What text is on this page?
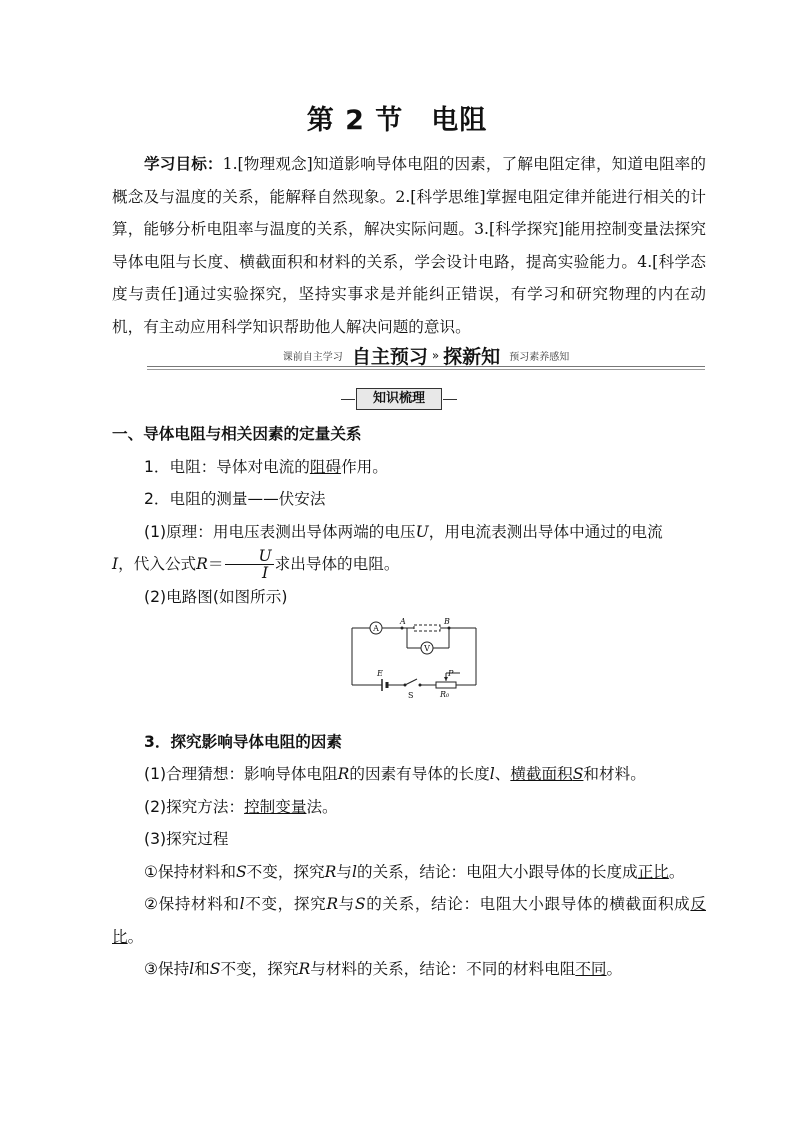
第 2 节　电阻
学习目标：1.[物理观念]知道影响导体电阻的因素，了解电阻定律，知道电阻率的概念及与温度的关系，能解释自然现象。2.[科学思维]掌握电阻定律并能进行相关的计算，能够分析电阻率与温度的关系，解决实际问题。3.[科学探究]能用控制变量法探究导体电阻与长度、横截面积和材料的关系，学会设计电路，提高实验能力。4.[科学态度与责任]通过实验探究，坚持实事求是并能纠正错误，有学习和研究物理的内在动机，有主动应用科学知识帮助他人解决问题的意识。
课前自主学习 自主预习 » 探新知 预习素养感知
知识梳理

一、导体电阻与相关因素的定量关系

1．电阻：导体对电流的阻碍作用。

2．电阻的测量——伏安法

(1)原理：用电压表测出导体两端的电压U，用电流表测出导体中通过的电流
I，代入公式$R= \frac{U}{I}$ 求出导体的电阻。

(2)电路图(如图所示)

A
V
A	B
E
S
P
R₀

3．探究影响导体电阻的因素

(1)合理猜想：影响导体电阻R的因素有导体的长度l、横截面积S和材料。

(2)探究方法：控制变量法。

(3)探究过程

①保持材料和S不变，探究R与l的关系，结论：电阻大小跟导体的长度成正比。

②保持材料和l不变，探究R与S的关系，结论：电阻大小跟导体的横截面积成反比。

③保持l和S不变，探究R与材料的关系，结论：不同的材料电阻不同。
